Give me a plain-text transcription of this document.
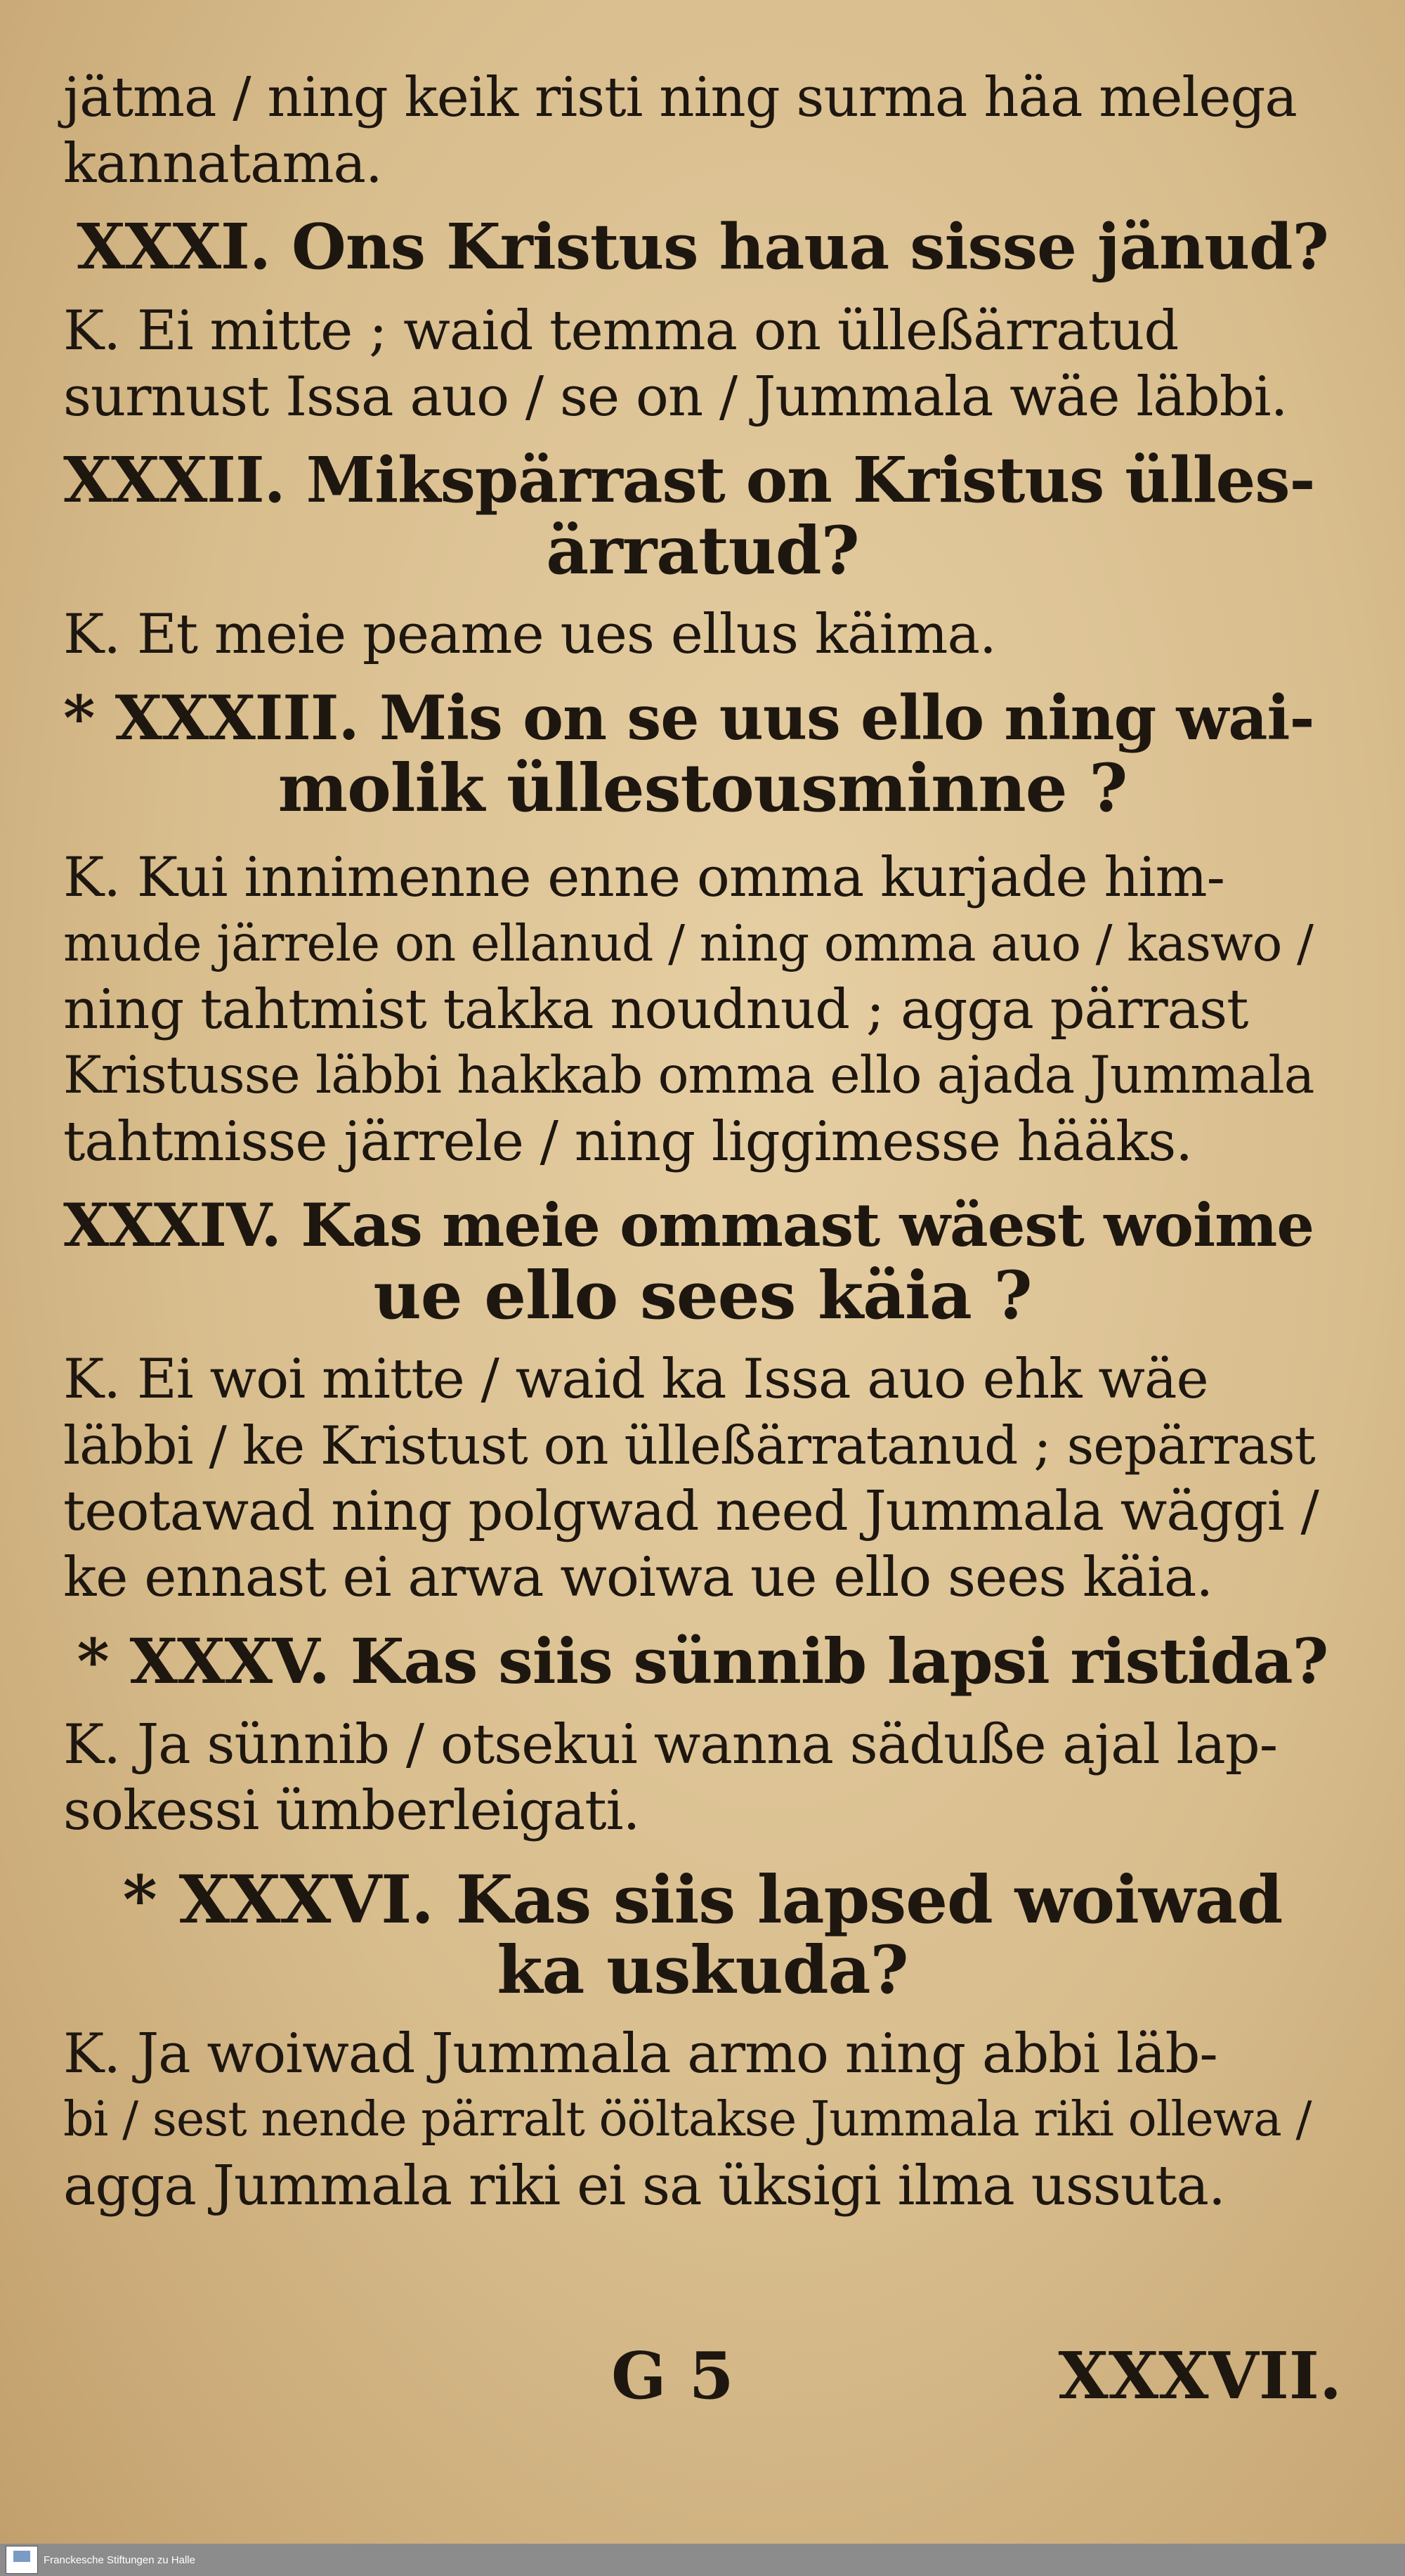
jätma / ning keik risti ning surma häa melega
kannatama.
XXXI. Ons Kristus haua sisse jänud?
K. Ei mitte ; waid temma on ülleßärratud
surnust Issa auo / se on / Jummala wäe läbbi.
XXXII. Mikspärrast on Kristus ülles-
ärratud?
K. Et meie peame ues ellus käima.
* XXXIII. Mis on se uus ello ning wai-
molik üllestousminne ?
K. Kui innimenne enne omma kurjade him-
mude järrele on ellanud / ning omma auo / kaswo /
ning tahtmist takka noudnud ; agga pärrast
Kristusse läbbi hakkab omma ello ajada Jummala
tahtmisse järrele / ning liggimesse hääks.
XXXIV. Kas meie ommast wäest woime
ue ello sees käia ?
K. Ei woi mitte / waid ka Issa auo ehk wäe
läbbi / ke Kristust on ülleßärratanud ; sepärrast
teotawad ning polgwad need Jummala wäggi /
ke ennast ei arwa woiwa ue ello sees käia.
* XXXV. Kas siis sünnib lapsi ristida?
K. Ja sünnib / otsekui wanna säduße ajal lap-
sokessi ümberleigati.
* XXXVI. Kas siis lapsed woiwad
ka uskuda?
K. Ja woiwad Jummala armo ning abbi läb-
bi / sest nende pärralt ööltakse Jummala riki ollewa /
agga Jummala riki ei sa üksigi ilma ussuta.
G 5	XXXVII.
Franckesche Stiftungen zu Halle
